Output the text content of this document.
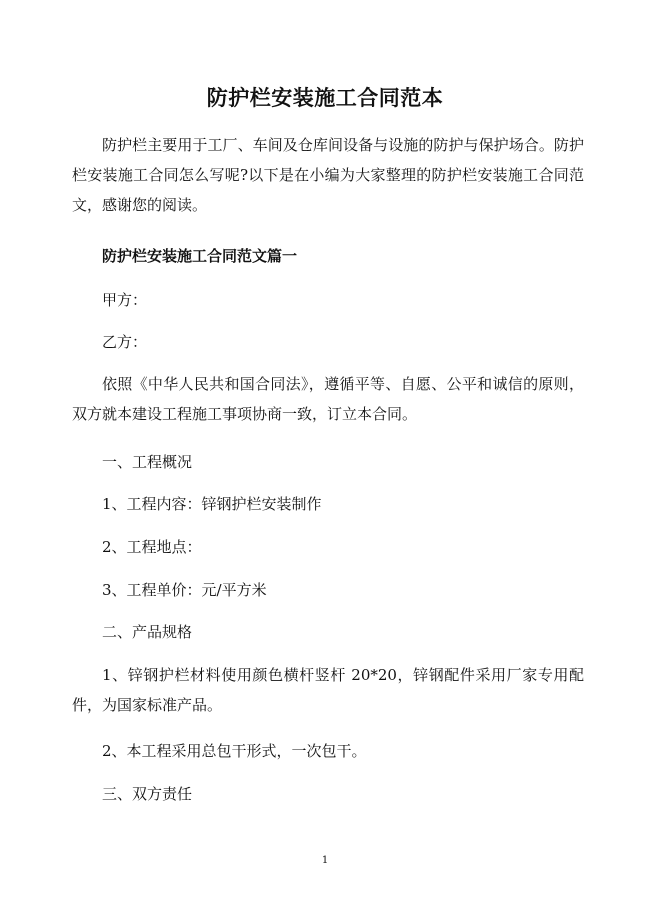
防护栏安装施工合同范本

防护栏主要用于工厂、车间及仓库间设备与设施的防护与保护场合。防护栏安装施工合同怎么写呢?以下是在小编为大家整理的防护栏安装施工合同范文，感谢您的阅读。

防护栏安装施工合同范文篇一

甲方：

乙方：

依照《中华人民共和国合同法》，遵循平等、自愿、公平和诚信的原则，双方就本建设工程施工事项协商一致，订立本合同。

一、工程概况

1、工程内容：锌钢护栏安装制作

2、工程地点：

3、工程单价：元/平方米

二、产品规格

1、锌钢护栏材料使用颜色横杆竖杆 20*20，锌钢配件采用厂家专用配件，为国家标准产品。

2、本工程采用总包干形式，一次包干。

三、双方责任

1
